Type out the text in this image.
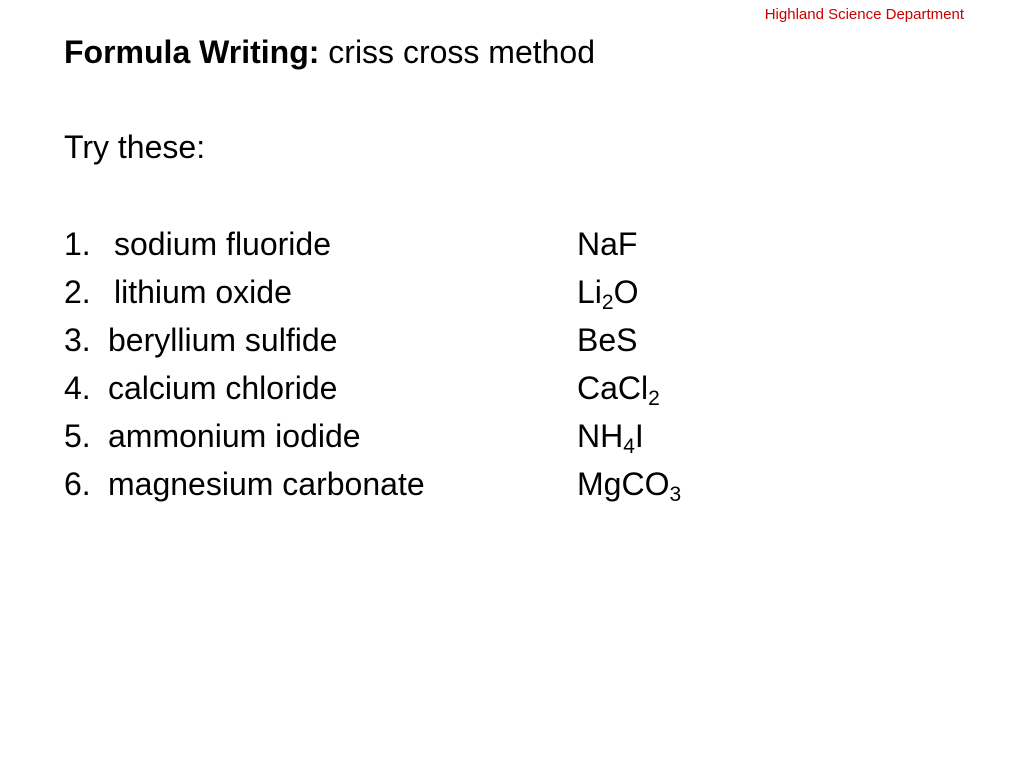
Highland Science Department
Formula Writing: criss cross method
Try these:
1. sodium fluoride	NaF
2. lithium oxide	$Li_2O$
3. beryllium sulfide	BeS
4. calcium chloride	CaCl$_2$
5. ammonium iodide	$NH_4I$
6. magnesium carbonate	MgCO$_3$
